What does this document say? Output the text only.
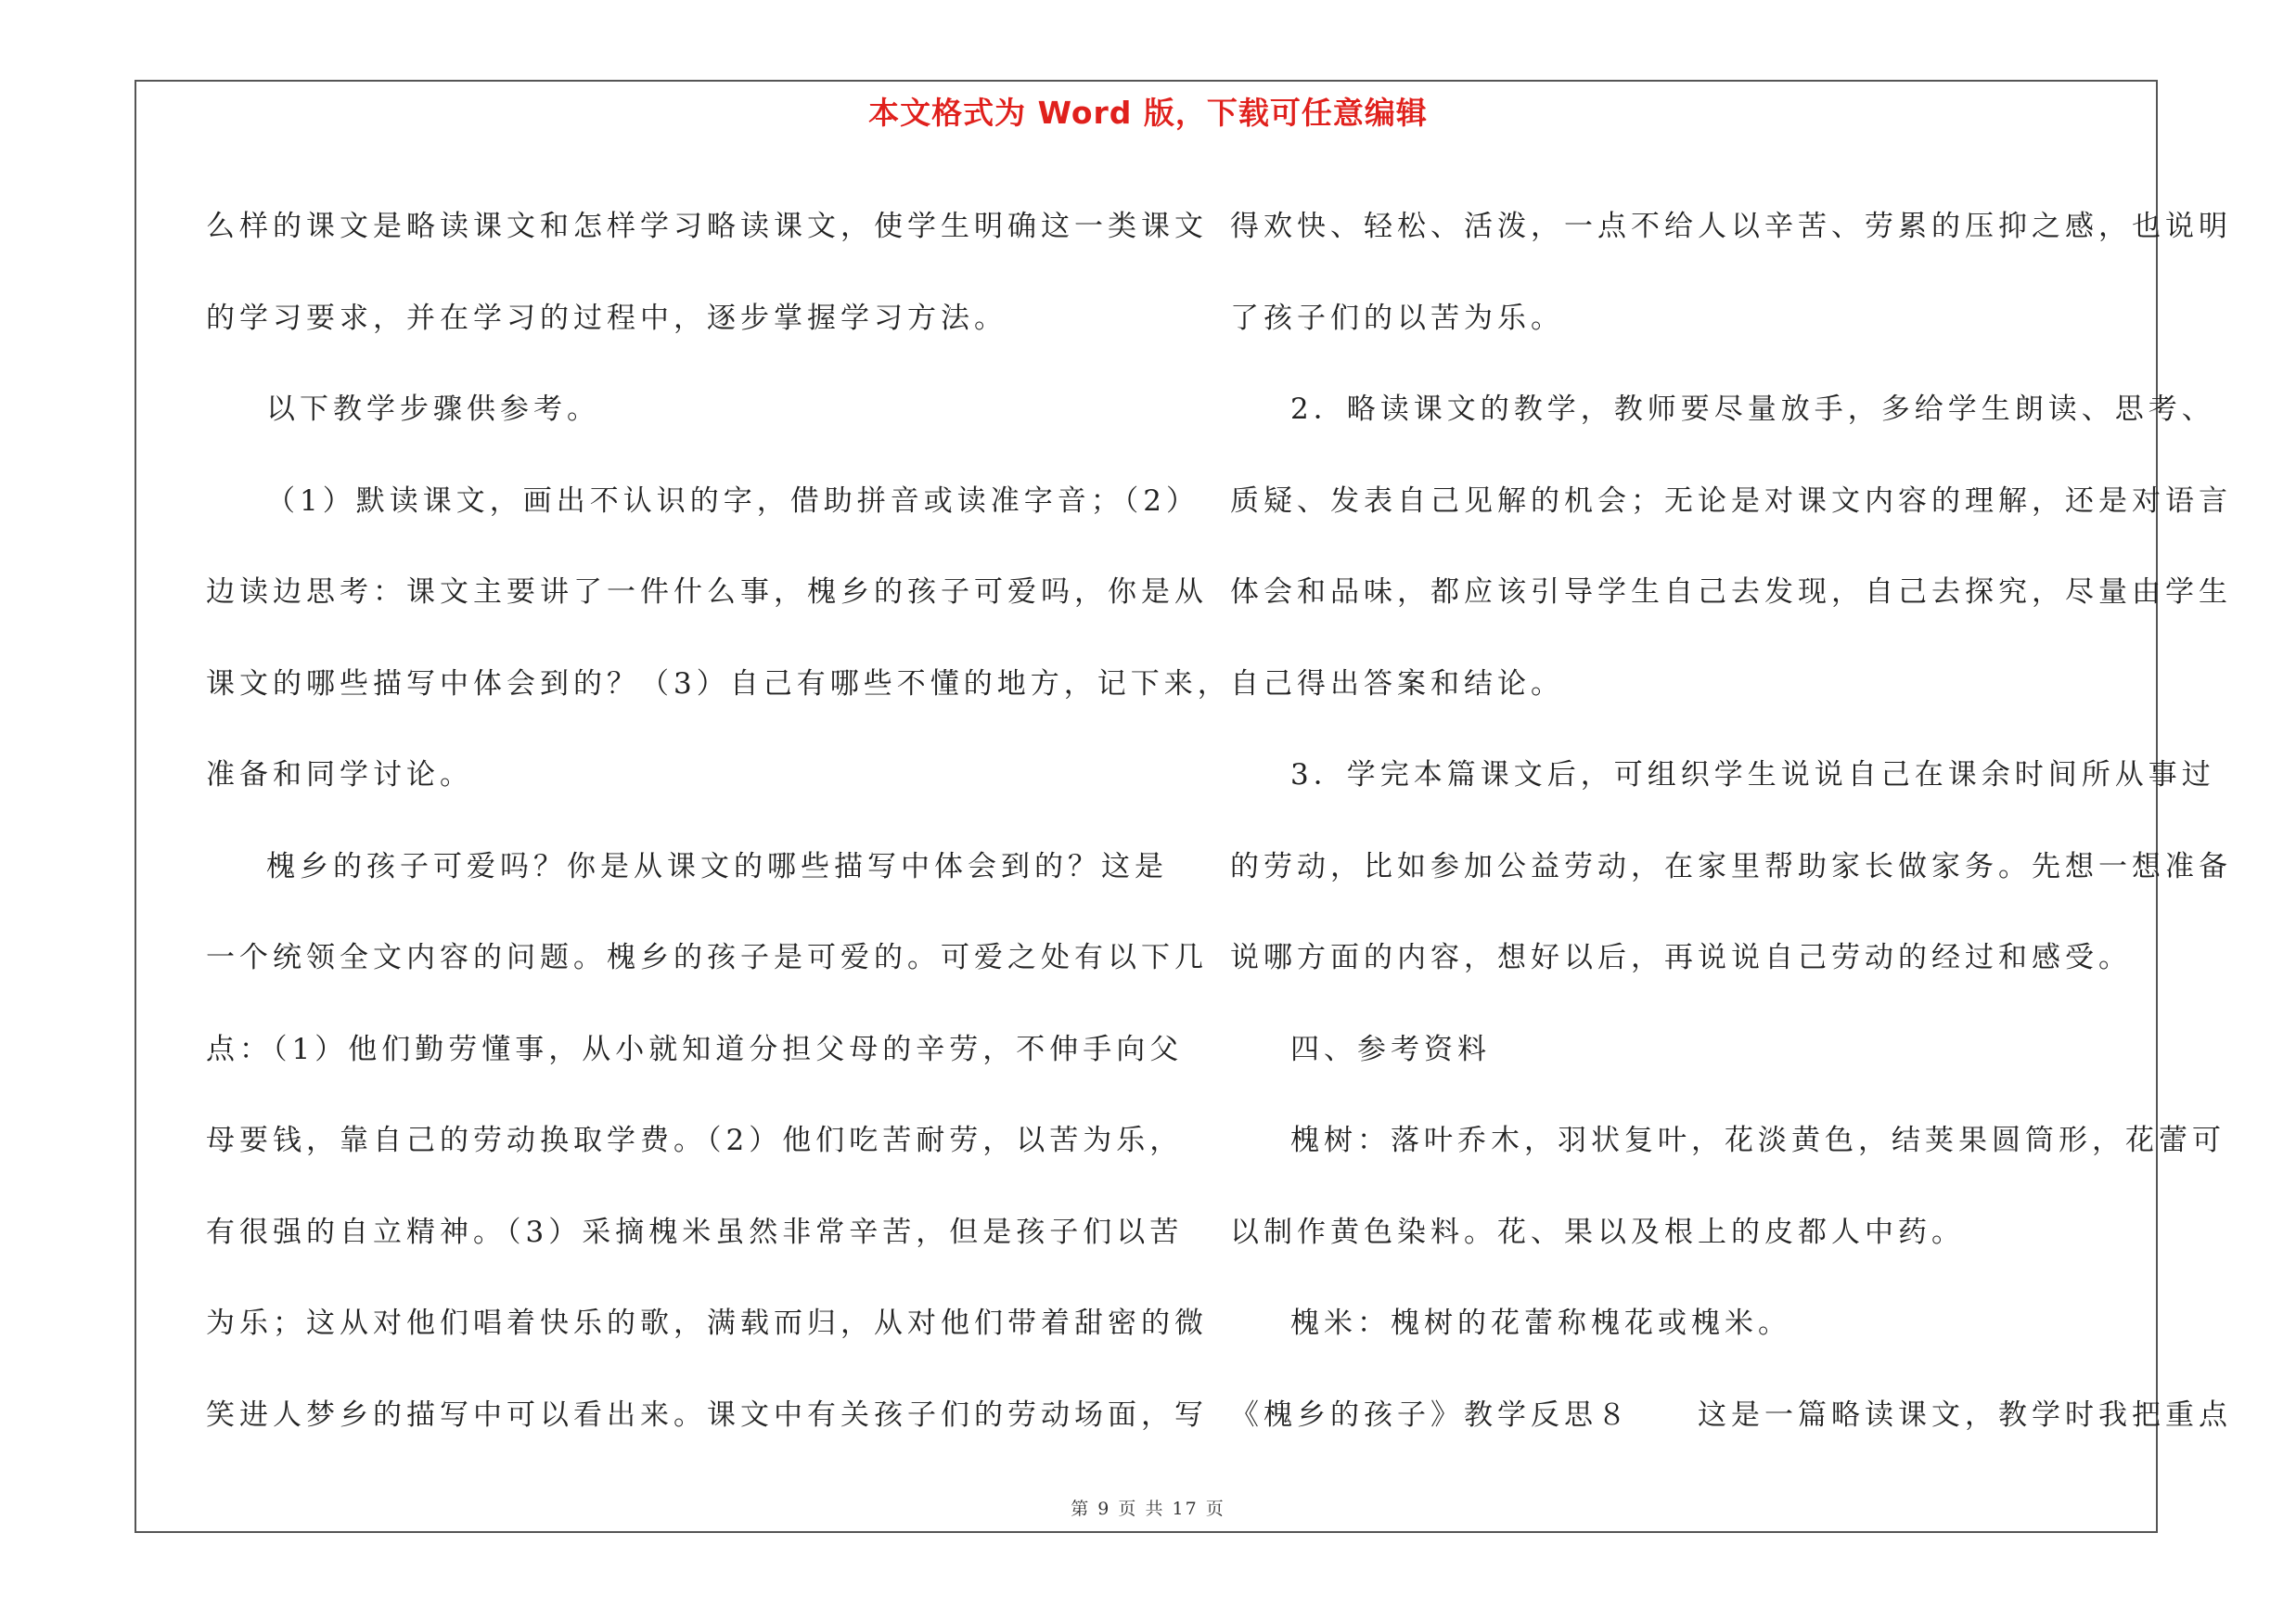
本文格式为 Word 版，下载可任意编辑
么样的课文是略读课文和怎样学习略读课文，使学生明确这一类课文
的学习要求，并在学习的过程中，逐步掌握学习方法。
以下教学步骤供参考。
（1）默读课文，画出不认识的字，借助拼音或读准字音；（2）
边读边思考：课文主要讲了一件什么事，槐乡的孩子可爱吗，你是从
课文的哪些描写中体会到的？（3）自己有哪些不懂的地方，记下来，
准备和同学讨论。
槐乡的孩子可爱吗？你是从课文的哪些描写中体会到的？这是
一个统领全文内容的问题。槐乡的孩子是可爱的。可爱之处有以下几
点：（1）他们勤劳懂事，从小就知道分担父母的辛劳，不伸手向父
母要钱，靠自己的劳动换取学费。（2）他们吃苦耐劳，以苦为乐，
有很强的自立精神。（3）采摘槐米虽然非常辛苦，但是孩子们以苦
为乐；这从对他们唱着快乐的歌，满载而归，从对他们带着甜密的微
笑进人梦乡的描写中可以看出来。课文中有关孩子们的劳动场面，写
得欢快、轻松、活泼，一点不给人以辛苦、劳累的压抑之感，也说明
了孩子们的以苦为乐。
2．略读课文的教学，教师要尽量放手，多给学生朗读、思考、
质疑、发表自己见解的机会；无论是对课文内容的理解，还是对语言
体会和品味，都应该引导学生自己去发现，自己去探究，尽量由学生
自己得出答案和结论。
3．学完本篇课文后，可组织学生说说自己在课余时间所从事过
的劳动，比如参加公益劳动，在家里帮助家长做家务。先想一想准备
说哪方面的内容，想好以后，再说说自己劳动的经过和感受。
四、参考资料
槐树：落叶乔木，羽状复叶，花淡黄色，结荚果圆筒形，花蕾可
以制作黄色染料。花、果以及根上的皮都人中药。
槐米：槐树的花蕾称槐花或槐米。
《槐乡的孩子》教学反思８　　这是一篇略读课文，教学时我把重点
第 9 页 共 17 页
